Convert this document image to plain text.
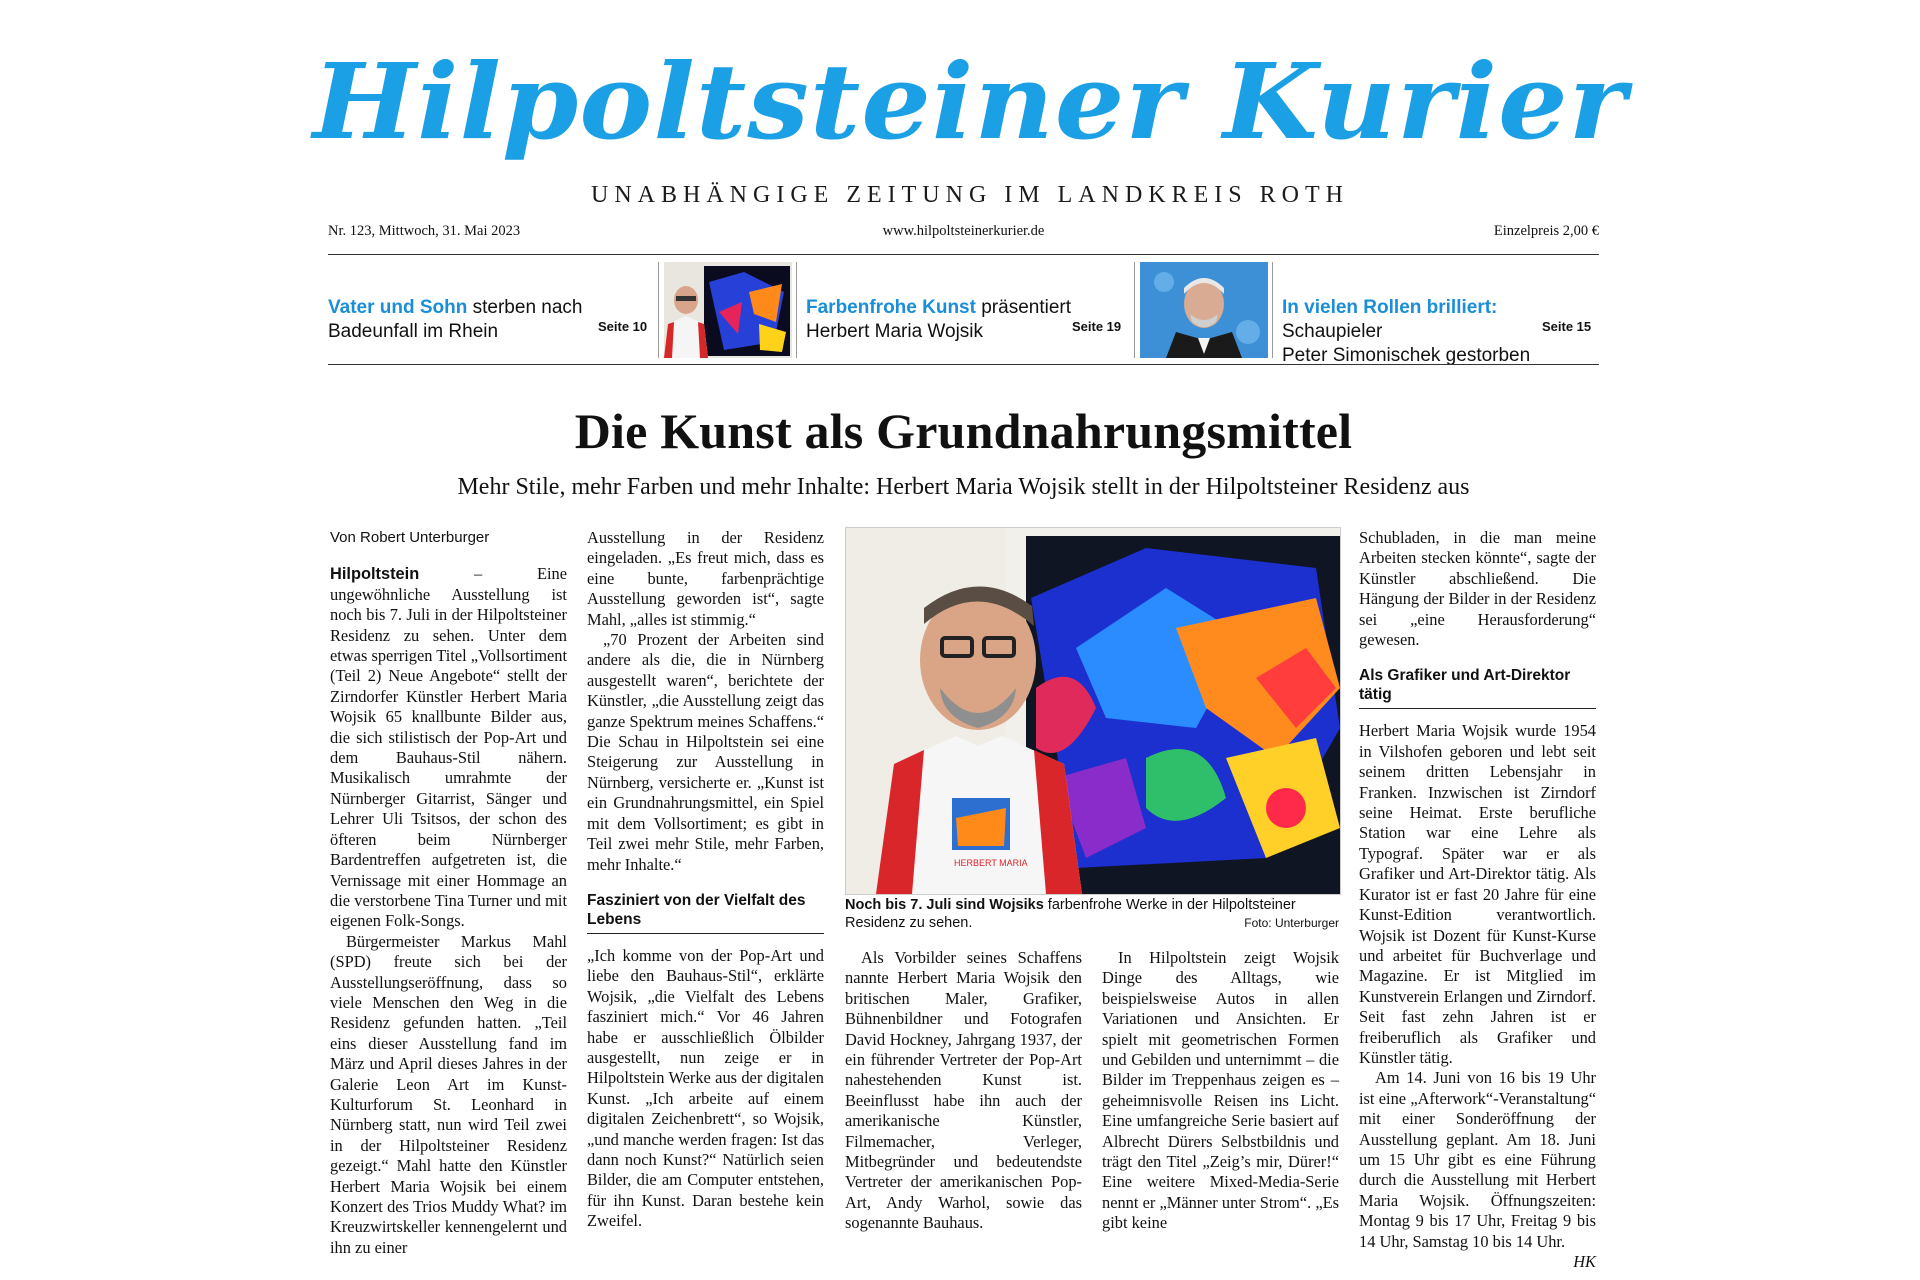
Hilpoltsteiner Kurier
UNABHÄNGIGE ZEITUNG IM LANDKREIS ROTH
Nr. 123, Mittwoch, 31. Mai 2023	www.hilpoltsteinerkurier.de	Einzelpreis 2,00 €
Vater und Sohn sterben nach
Badeunfall im Rhein	Seite 10
Farbenfrohe Kunst präsentiert
Herbert Maria Wojsik	Seite 19
In vielen Rollen brilliert: Schaupieler
Peter Simonischek gestorben
Seite 15
Die Kunst als Grundnahrungsmittel
Mehr Stile, mehr Farben und mehr Inhalte: Herbert Maria Wojsik stellt in der Hilpoltsteiner Residenz aus

Von Robert Unterburger

Hilpoltstein – Eine ungewöhnliche Ausstellung ist noch bis 7. Juli in der Hilpoltsteiner Residenz zu sehen. Unter dem etwas sperrigen Titel „Vollsortiment (Teil 2) Neue Angebote“ stellt der Zirndorfer Künstler Herbert Maria Wojsik 65 knallbunte Bilder aus, die sich stilistisch der Pop-Art und dem Bauhaus-Stil nähern. Musikalisch umrahmte der Nürnberger Gitarrist, Sänger und Lehrer Uli Tsitsos, der schon des öfteren beim Nürnberger Bardentreffen aufgetreten ist, die Vernissage mit einer Hommage an die verstorbene Tina Turner und mit eigenen Folk-Songs.

Bürgermeister Markus Mahl (SPD) freute sich bei der Ausstellungseröffnung, dass so viele Menschen den Weg in die Residenz gefunden hatten. „Teil eins dieser Ausstellung fand im März und April dieses Jahres in der Galerie Leon Art im Kunst-Kulturforum St. Leonhard in Nürnberg statt, nun wird Teil zwei in der Hilpoltsteiner Residenz gezeigt.“ Mahl hatte den Künstler Herbert Maria Wojsik bei einem Konzert des Trios Muddy What? im Kreuzwirtskeller kennengelernt und ihn zu einer

Ausstellung in der Residenz eingeladen. „Es freut mich, dass es eine bunte, farbenprächtige Ausstellung geworden ist“, sagte Mahl, „alles ist stimmig.“

„70 Prozent der Arbeiten sind andere als die, die in Nürnberg ausgestellt waren“, berichtete der Künstler, „die Ausstellung zeigt das ganze Spektrum meines Schaffens.“ Die Schau in Hilpoltstein sei eine Steigerung zur Ausstellung in Nürnberg, versicherte er. „Kunst ist ein Grundnahrungsmittel, ein Spiel mit dem Vollsortiment; es gibt in Teil zwei mehr Stile, mehr Farben, mehr Inhalte.“

Fasziniert von der Vielfalt des Lebens

„Ich komme von der Pop-Art und liebe den Bauhaus-Stil“, erklärte Wojsik, „die Vielfalt des Lebens fasziniert mich.“ Vor 46 Jahren habe er ausschließlich Ölbilder ausgestellt, nun zeige er in Hilpoltstein Werke aus der digitalen Kunst. „Ich arbeite auf einem digitalen Zeichenbrett“, so Wojsik, „und manche werden fragen: Ist das dann noch Kunst?“ Natürlich seien Bilder, die am Computer entstehen, für ihn Kunst. Daran bestehe kein Zweifel.

HERBERT MARIA
Noch bis 7. Juli sind Wojsiks farbenfrohe Werke in der Hilpoltsteiner Residenz zu sehen.	Foto: Unterburger

Als Vorbilder seines Schaffens nannte Herbert Maria Wojsik den britischen Maler, Grafiker, Bühnenbildner und Fotografen David Hockney, Jahrgang 1937, der ein führender Vertreter der Pop-Art nahestehenden Kunst ist. Beeinflusst habe ihn auch der amerikanische Künstler, Filmemacher, Verleger, Mitbegründer und bedeutendste Vertreter der amerikanischen Pop-Art, Andy Warhol, sowie das sogenannte Bauhaus.

In Hilpoltstein zeigt Wojsik Dinge des Alltags, wie beispielsweise Autos in allen Variationen und Ansichten. Er spielt mit geometrischen Formen und Gebilden und unternimmt – die Bilder im Treppenhaus zeigen es – geheimnisvolle Reisen ins Licht. Eine umfangreiche Serie basiert auf Albrecht Dürers Selbstbildnis und trägt den Titel „Zeig’s mir, Dürer!“ Eine weitere Mixed-Media-Serie nennt er „Männer unter Strom“. „Es gibt keine

Schubladen, in die man meine Arbeiten stecken könnte“, sagte der Künstler abschließend. Die Hängung der Bilder in der Residenz sei „eine Herausforderung“ gewesen.

Als Grafiker und Art-Direktor tätig

Herbert Maria Wojsik wurde 1954 in Vilshofen geboren und lebt seit seinem dritten Lebensjahr in Franken. Inzwischen ist Zirndorf seine Heimat. Erste berufliche Station war eine Lehre als Typograf. Später war er als Grafiker und Art-Direktor tätig. Als Kurator ist er fast 20 Jahre für eine Kunst-Edition verantwortlich. Wojsik ist Dozent für Kunst-Kurse und arbeitet für Buchverlage und Magazine. Er ist Mitglied im Kunstverein Erlangen und Zirndorf. Seit fast zehn Jahren ist er freiberuflich als Grafiker und Künstler tätig.

Am 14. Juni von 16 bis 19 Uhr ist eine „Afterwork“-Veranstaltung“ mit einer Sonderöffnung der Ausstellung geplant. Am 18. Juni um 15 Uhr gibt es eine Führung durch die Ausstellung mit Herbert Maria Wojsik. Öffnungszeiten: Montag 9 bis 17 Uhr, Freitag 9 bis 14 Uhr, Samstag 10 bis 14 Uhr.
HK
